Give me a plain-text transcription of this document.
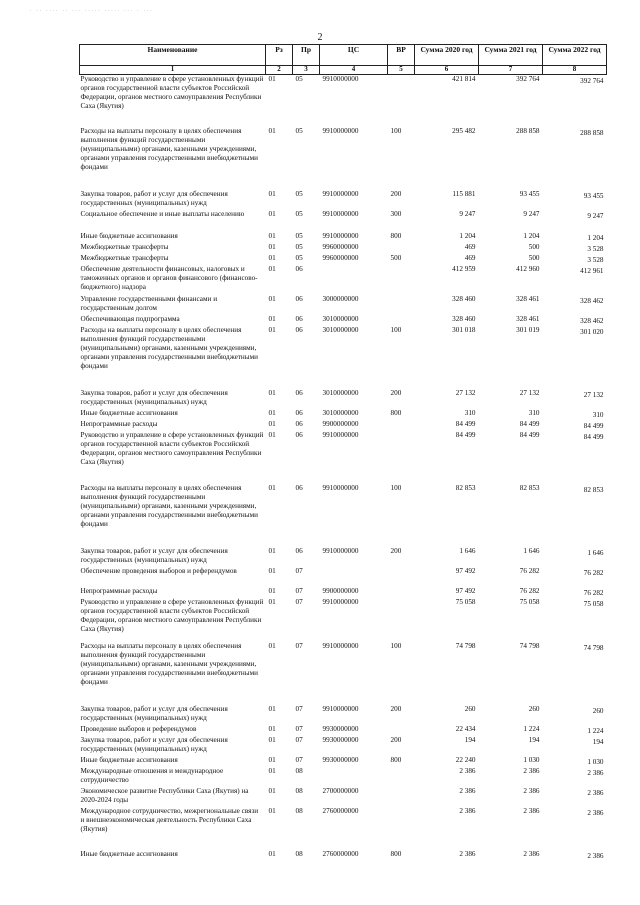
. .. .... .. ... ..... ..... ... . ...
2
Наименование	Рз	Пр	ЦС	ВР	Сумма 2020 год	Сумма 2021 год	Сумма 2022 год
1	2	3	4	5	6	7	8
Руководство и управление в сфере установленных функций органов государственной власти субъектов Российской Федерации, органов местного самоуправления Республики Саха (Якутия)	01	05	9910000000		421 814	392 764	392 764
Расходы на выплаты персоналу в целях обеспечения выполнения функций государственными (муниципальными) органами, казенными учреждениями, органами управления государственными внебюджетными фондами	01	05	9910000000	100	295 482	288 858	288 858
Закупка товаров, работ и услуг для обеспечения государственных (муниципальных) нужд	01	05	9910000000	200	115 881	93 455	93 455
Социальное обеспечение и иные выплаты населению	01	05	9910000000	300	9 247	9 247	9 247
Иные бюджетные ассигнования	01	05	9910000000	800	1 204	1 204	1 204
Межбюджетные трансферты	01	05	9960000000		469	500	3 528
Межбюджетные трансферты	01	05	9960000000	500	469	500	3 528
Обеспечение деятельности финансовых, налоговых и таможенных органов и органов финансового (финансово-бюджетного) надзора	01	06			412 959	412 960	412 961
Управление государственными финансами и государственным долгом	01	06	3000000000		328 460	328 461	328 462
Обеспечивающая подпрограмма	01	06	3010000000		328 460	328 461	328 462
Расходы на выплаты персоналу в целях обеспечения выполнения функций государственными (муниципальными) органами, казенными учреждениями, органами управления государственными внебюджетными фондами	01	06	3010000000	100	301 018	301 019	301 020
Закупка товаров, работ и услуг для обеспечения государственных (муниципальных) нужд	01	06	3010000000	200	27 132	27 132	27 132
Иные бюджетные ассигнования	01	06	3010000000	800	310	310	310
Непрограммные расходы	01	06	9900000000		84 499	84 499	84 499
Руководство и управление в сфере установленных функций органов государственной власти субъектов Российской Федерации, органов местного самоуправления Республики Саха (Якутия)	01	06	9910000000		84 499	84 499	84 499
Расходы на выплаты персоналу в целях обеспечения выполнения функций государственными (муниципальными) органами, казенными учреждениями, органами управления государственными внебюджетными фондами	01	06	9910000000	100	82 853	82 853	82 853
Закупка товаров, работ и услуг для обеспечения государственных (муниципальных) нужд	01	06	9910000000	200	1 646	1 646	1 646
Обеспечение проведения выборов и референдумов	01	07			97 492	76 282	76 282
Непрограммные расходы	01	07	9900000000		97 492	76 282	76 282
Руководство и управление в сфере установленных функций органов государственной власти субъектов Российской Федерации, органов местного самоуправления Республики Саха (Якутия)	01	07	9910000000		75 058	75 058	75 058
Расходы на выплаты персоналу в целях обеспечения выполнения функций государственными (муниципальными) органами, казенными учреждениями, органами управления государственными внебюджетными фондами	01	07	9910000000	100	74 798	74 798	74 798
Закупка товаров, работ и услуг для обеспечения государственных (муниципальных) нужд	01	07	9910000000	200	260	260	260
Проведение выборов и референдумов	01	07	9930000000		22 434	1 224	1 224
Закупка товаров, работ и услуг для обеспечения государственных (муниципальных) нужд	01	07	9930000000	200	194	194	194
Иные бюджетные ассигнования	01	07	9930000000	800	22 240	1 030	1 030
Международные отношения и международное сотрудничество	01	08			2 386	2 386	2 386
Экономическое развитие Республики Саха (Якутия) на 2020-2024 годы	01	08	2700000000		2 386	2 386	2 386
Международное сотрудничество, межрегиональные связи и внешнеэкономическая деятельность Республики Саха (Якутия)	01	08	2760000000		2 386	2 386	2 386
Иные бюджетные ассигнования	01	08	2760000000	800	2 386	2 386	2 386
